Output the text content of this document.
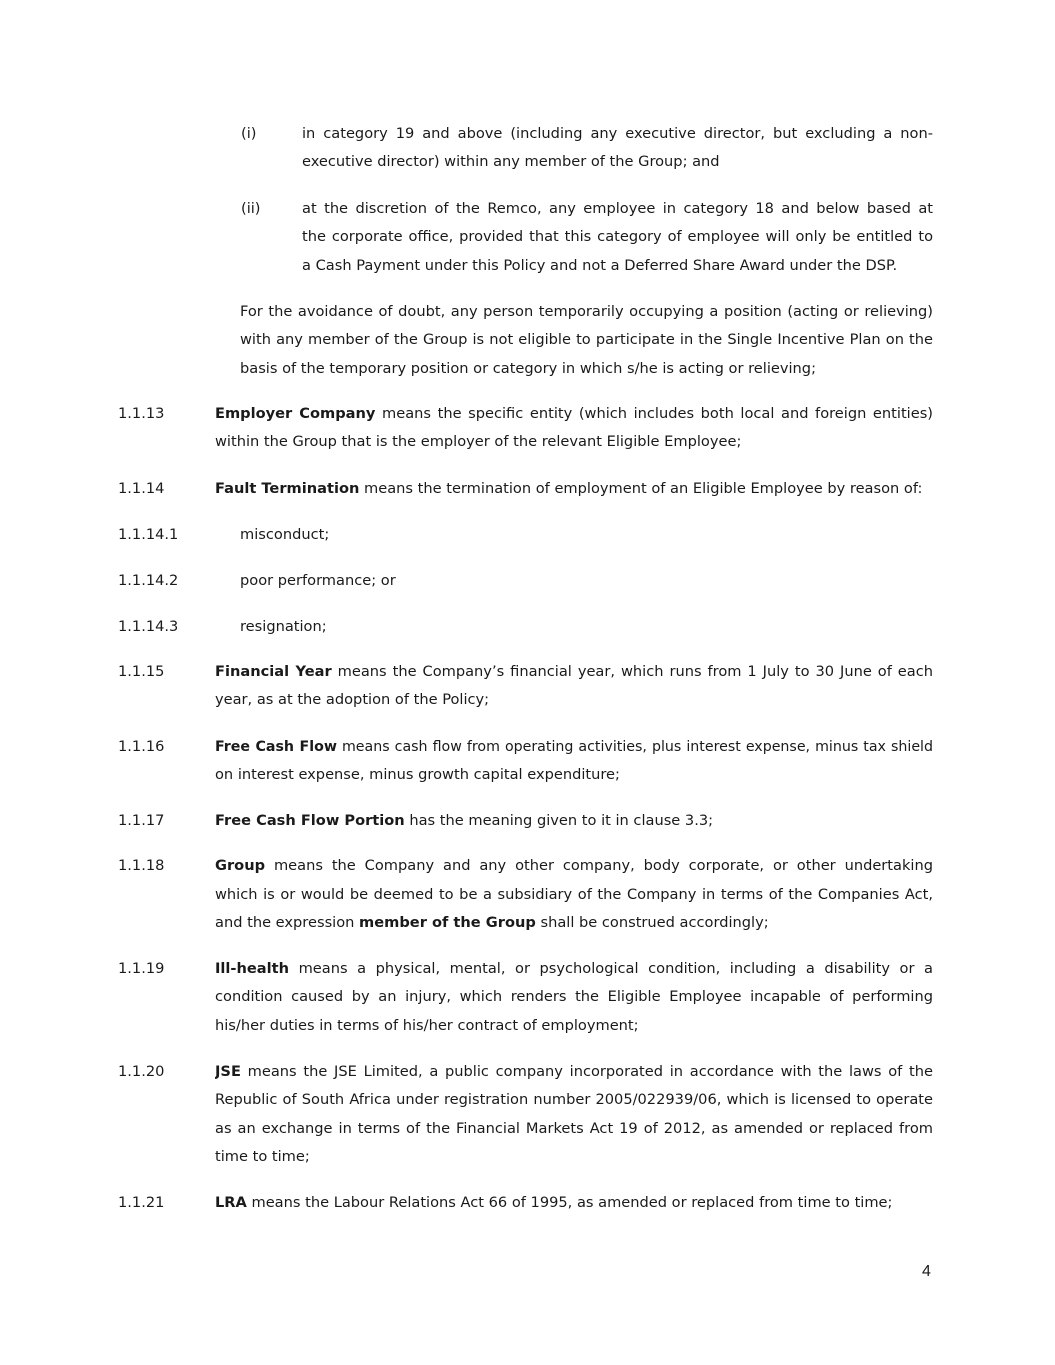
(i)	in category 19 and above (including any executive director, but excluding a non-
executive director) within any member of the Group; and
(ii)	at the discretion of the Remco, any employee in category 18 and below based at
the corporate office, provided that this category of employee will only be entitled to
a Cash Payment under this Policy and not a Deferred Share Award under the DSP.
For the avoidance of doubt, any person temporarily occupying a position (acting or relieving)
with any member of the Group is not eligible to participate in the Single Incentive Plan on the
basis of the temporary position or category in which s/he is acting or relieving;
1.1.13	Employer Company means the specific entity (which includes both local and foreign entities)
within the Group that is the employer of the relevant Eligible Employee;
1.1.14	Fault Termination means the termination of employment of an Eligible Employee by reason of:
1.1.14.1	misconduct;
1.1.14.2	poor performance; or
1.1.14.3	resignation;
1.1.15	Financial Year means the Company’s financial year, which runs from 1 July to 30 June of each
year, as at the adoption of the Policy;
1.1.16	Free Cash Flow means cash flow from operating activities, plus interest expense, minus tax shield
on interest expense, minus growth capital expenditure;
1.1.17	Free Cash Flow Portion has the meaning given to it in clause 3.3;
1.1.18	Group means the Company and any other company, body corporate, or other undertaking
which is or would be deemed to be a subsidiary of the Company in terms of the Companies Act,
and the expression member of the Group shall be construed accordingly;
1.1.19	Ill-health means a physical, mental, or psychological condition, including a disability or a
condition caused by an injury, which renders the Eligible Employee incapable of performing
his/her duties in terms of his/her contract of employment;
1.1.20	JSE means the JSE Limited, a public company incorporated in accordance with the laws of the
Republic of South Africa under registration number 2005/022939/06, which is licensed to operate
as an exchange in terms of the Financial Markets Act 19 of 2012, as amended or replaced from
time to time;
1.1.21	LRA means the Labour Relations Act 66 of 1995, as amended or replaced from time to time;
4
